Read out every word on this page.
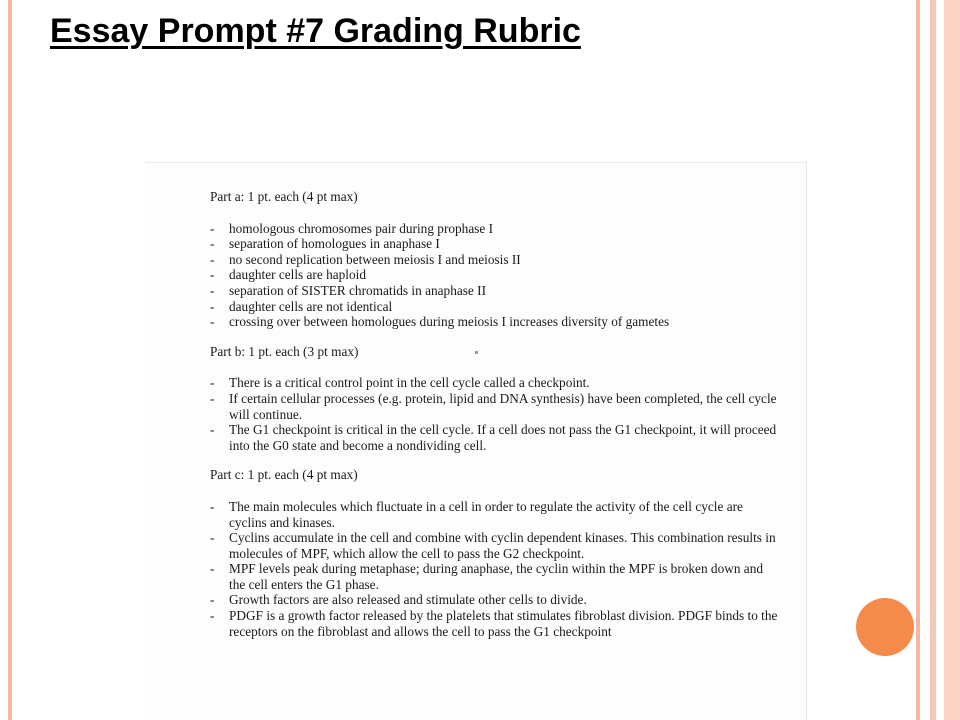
Essay Prompt #7 Grading Rubric

Part a: 1 pt. each (4 pt max)

- homologous chromosomes pair during prophase I
- separation of homologues in anaphase I
- no second replication between meiosis I and meiosis II
- daughter cells are haploid
- separation of SISTER chromatids in anaphase II
- daughter cells are not identical
- crossing over between homologues during meiosis I increases diversity of gametes

Part b: 1 pt. each (3 pt max)

- There is a critical control point in the cell cycle called a checkpoint.
- If certain cellular processes (e.g. protein, lipid and DNA synthesis) have been completed, the cell cycle will continue.
- The G1 checkpoint is critical in the cell cycle. If a cell does not pass the G1 checkpoint, it will proceed into the G0 state and become a nondividing cell.

Part c: 1 pt. each (4 pt max)

- The main molecules which fluctuate in a cell in order to regulate the activity of the cell cycle are cyclins and kinases.
- Cyclins accumulate in the cell and combine with cyclin dependent kinases. This combination results in molecules of MPF, which allow the cell to pass the G2 checkpoint.
- MPF levels peak during metaphase; during anaphase, the cyclin within the MPF is broken down and the cell enters the G1 phase.
- Growth factors are also released and stimulate other cells to divide.
- PDGF is a growth factor released by the platelets that stimulates fibroblast division. PDGF binds to the receptors on the fibroblast and allows the cell to pass the G1 checkpoint
